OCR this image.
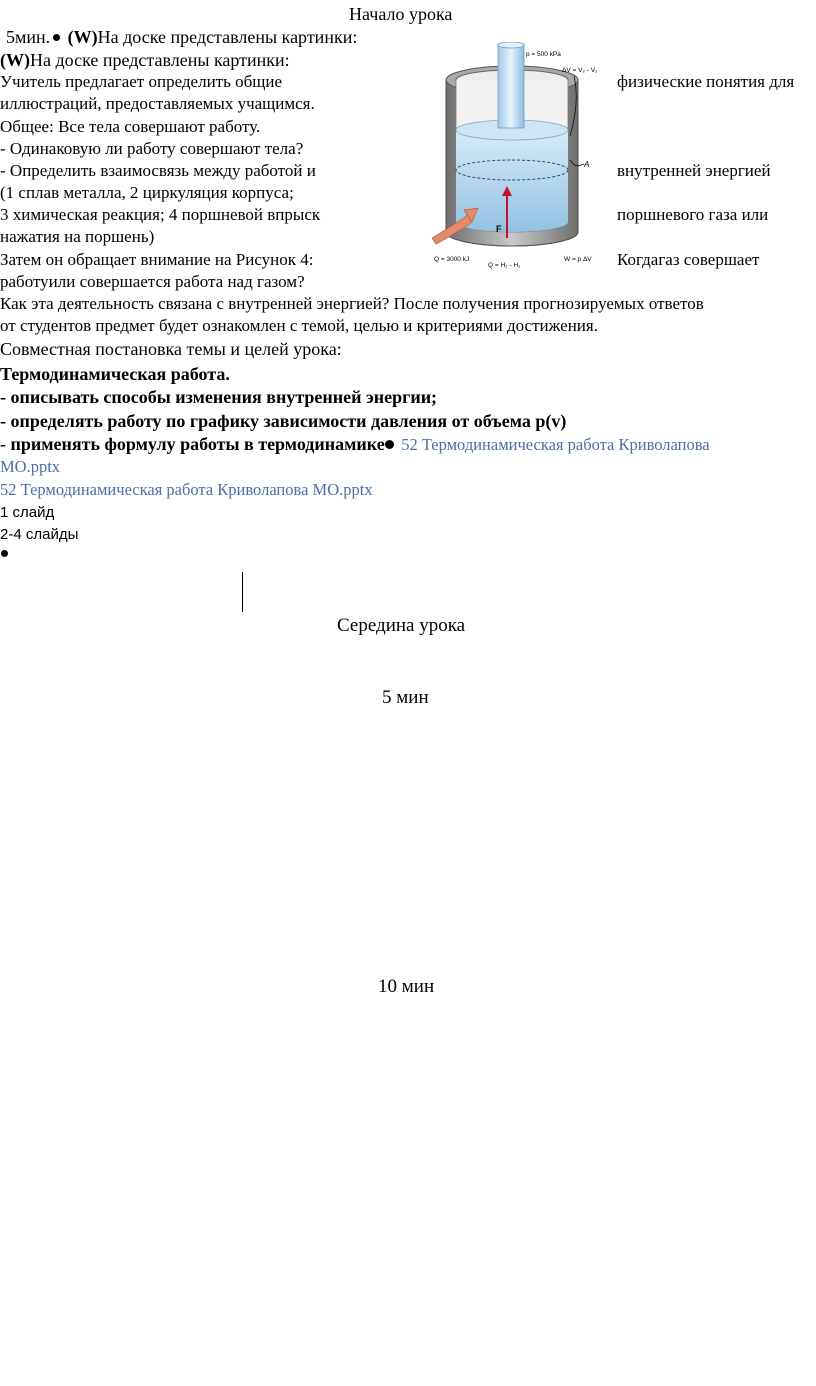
Начало урока
5мин. (W)На доске представлены картинки:
(W)На доске представлены картинки:
Учитель предлагает определить общие	физические понятия для
иллюстраций, предоставляемых учащимся.
Общее: Все тела совершают работу.
- Одинаковую ли работу совершают тела?
- Определить взаимосвязь между работой и	внутренней энергией
(1 сплав металла, 2 циркуляция корпуса;
3 химическая реакция; 4 поршневой впрыск	поршневого газа или
нажатия на поршень)
Затем он обращает внимание на Рисунок 4:	Когдагаз совершает
работуили совершается работа над газом?
Как эта деятельность связана с внутренней энергией? После получения прогнозируемых ответов
от студентов предмет будет ознакомлен с темой, целью и критериями достижения.
Совместная постановка темы и целей урока:
Термодинамическая работа.
- описывать способы изменения внутренней энергии;
- определять работу по графику зависимости давления от объема p(v)
- применять формулу работы в термодинамике 52 Термодинамическая работа Криволапова
МО.pptx
52 Термодинамическая работа Криволапова МО.pptx
1 слайд
2-4 слайды
Середина урока
5 мин
10 мин
F
p = 500 kPa
ΔV = V₂ - V₁
A
Q = 3000 kJ
Q = H₂ - H₁
W = p ΔV
